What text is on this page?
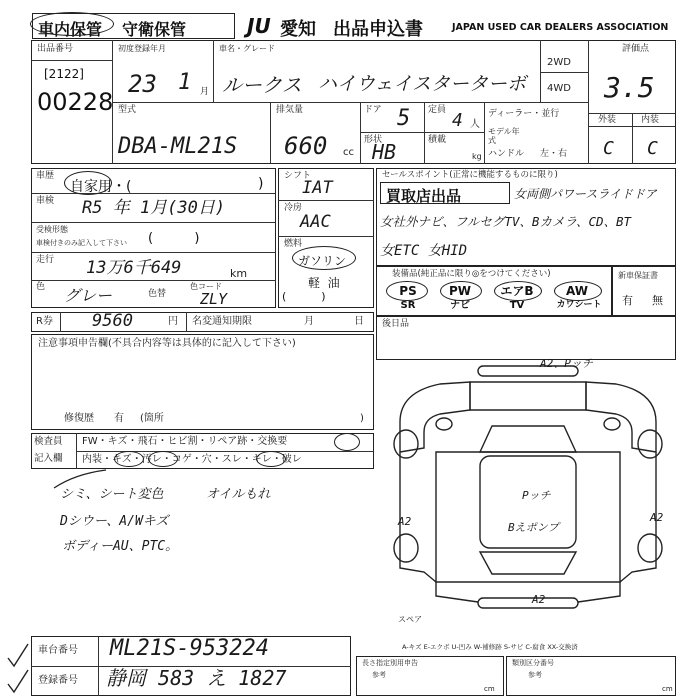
車内保管 守衛保管	JU 愛知 出品申込書	JAPAN USED CAR DEALERS ASSOCIATION
出品番号
[2122]
00228
初度登録年月
23 1 月
車名・グレード
ルークス ハイウェイスターターボ
2WD
4WD
評価点
3.5
外装	内装
C C
型式
DBA-ML21S
排気量
660 cc
ドア 5
形状
HB
定員 4 人
積載
kg
ディーラー・並行
モデル年式
ハンドル 左・右
車歴
自家用・(	)
車検 R5 年 1月(30日)
受検形態
車検付きのみ記入して下さい (          )
走行 13万6千649	km
色 グレー	色替
色コード
ZLY
シフト
IAT
冷房
AAC
燃料
ガソリン
軽  油
(          )
セールスポイント(正常に機能するものに限り)
買取店出品	女両側パワースライドドア
女社外ナビ、フルセグTV、Bカメラ、CD、BT
女ETC 女HID
装備品(純正品に限り◎をつけてください)
PS	PW	エアB	AW
SR	ナビ	TV	カワシート
新車保証書
有 無
R券 9560	円 名変通知期限	月	日 後日品
注意事項申告欄(不具合内容等は具体的に記入して下さい)
修復歴 有 (箇所	)
検査員
記入欄
FW・キズ・飛石・ヒビ割・リペア跡・交換要
内装・キズ・汚レ・コゲ・穴・スレ・キレ・破レ
シミ、シート変色	オイルもれ
Dシウー、A/Wキズ
ボディーAU、PTC。
A2、Pッチ
A2	A2
A2
Pッチ
Bえポンプ
スペア
A-キズ E-エクボ U-凹み W-補修跡 S-サビ C-腐食 XX-交換済
車台番号 ML21S-953224
登録番号 静岡 583 え 1827
長さ指定別用申告
参考
cm
類別区分番号
参考
cm
